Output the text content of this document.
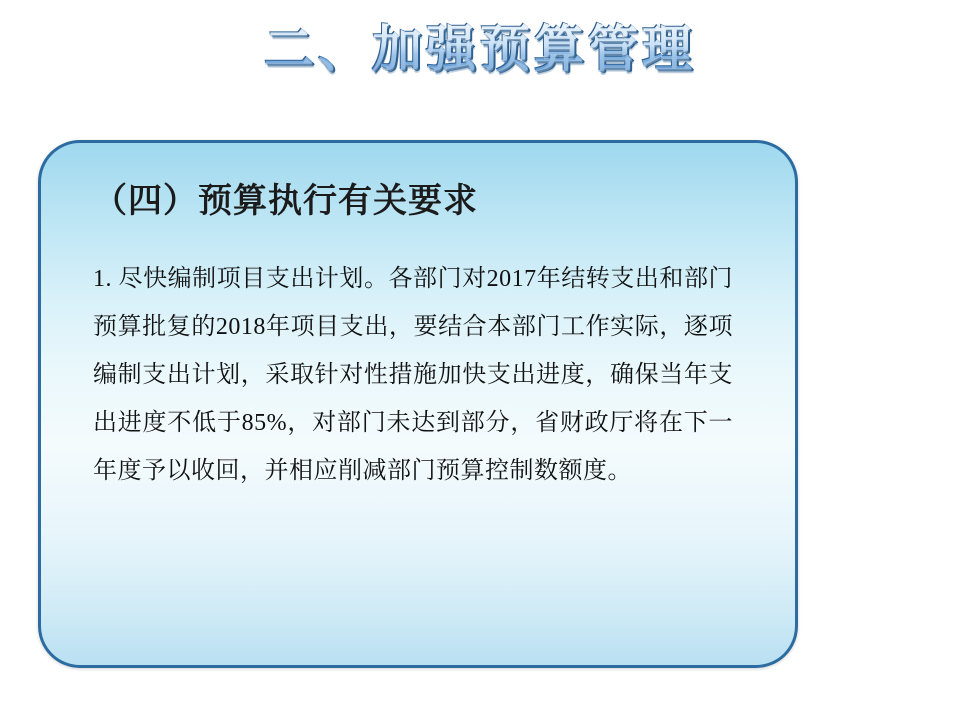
二、加强预算管理
（四）预算执行有关要求
1. 尽快编制项目支出计划。各部门对2017年结转支出和部门预算批复的2018年项目支出，要结合本部门工作实际，逐项编制支出计划，采取针对性措施加快支出进度，确保当年支出进度不低于85%，对部门未达到部分，省财政厅将在下一年度予以收回，并相应削减部门预算控制数额度。
